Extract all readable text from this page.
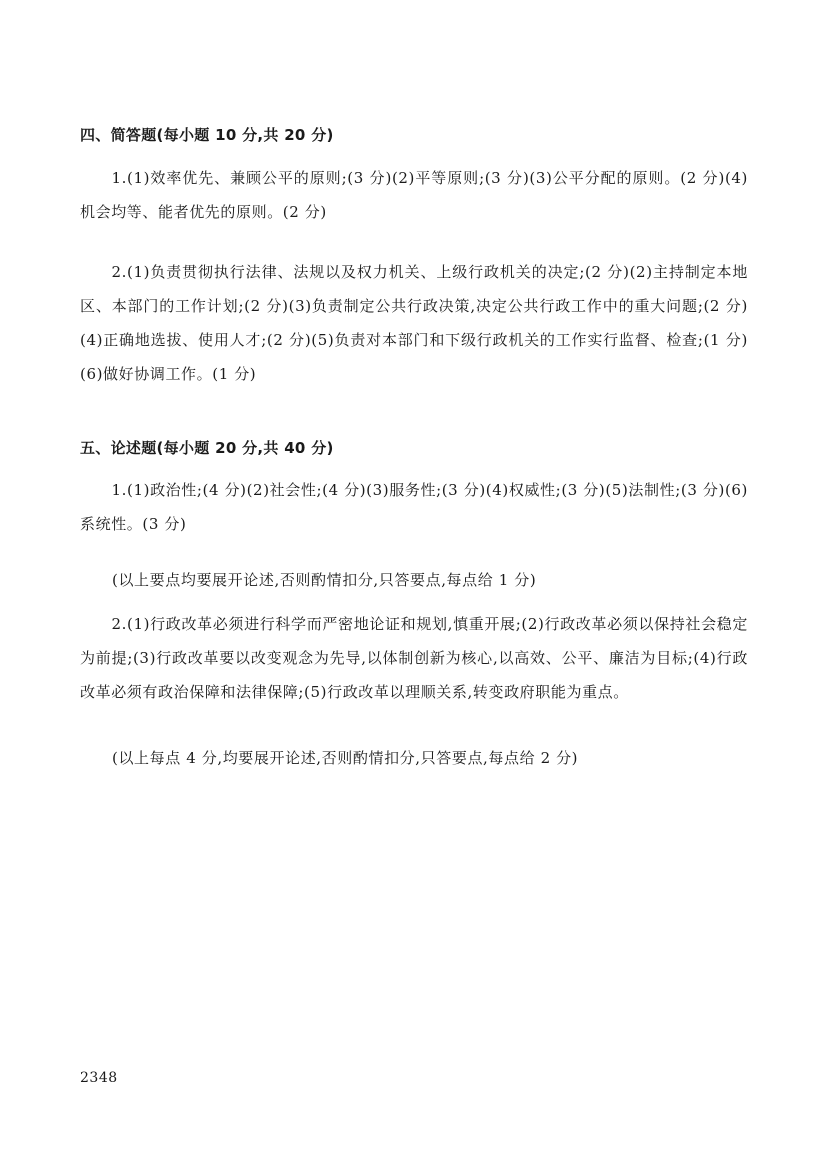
四、简答题(每小题 10 分,共 20 分)

1.(1)效率优先、兼顾公平的原则;(3 分)(2)平等原则;(3 分)(3)公平分配的原则。(2 分)(4)机会均等、能者优先的原则。(2 分)

2.(1)负责贯彻执行法律、法规以及权力机关、上级行政机关的决定;(2 分)(2)主持制定本地区、本部门的工作计划;(2 分)(3)负责制定公共行政决策,决定公共行政工作中的重大问题;(2 分)(4)正确地选拔、使用人才;(2 分)(5)负责对本部门和下级行政机关的工作实行监督、检查;(1 分)(6)做好协调工作。(1 分)

五、论述题(每小题 20 分,共 40 分)

1.(1)政治性;(4 分)(2)社会性;(4 分)(3)服务性;(3 分)(4)权威性;(3 分)(5)法制性;(3 分)(6)系统性。(3 分)

(以上要点均要展开论述,否则酌情扣分,只答要点,每点给 1 分)

2.(1)行政改革必须进行科学而严密地论证和规划,慎重开展;(2)行政改革必须以保持社会稳定为前提;(3)行政改革要以改变观念为先导,以体制创新为核心,以高效、公平、廉洁为目标;(4)行政改革必须有政治保障和法律保障;(5)行政改革以理顺关系,转变政府职能为重点。

(以上每点 4 分,均要展开论述,否则酌情扣分,只答要点,每点给 2 分)

2348
